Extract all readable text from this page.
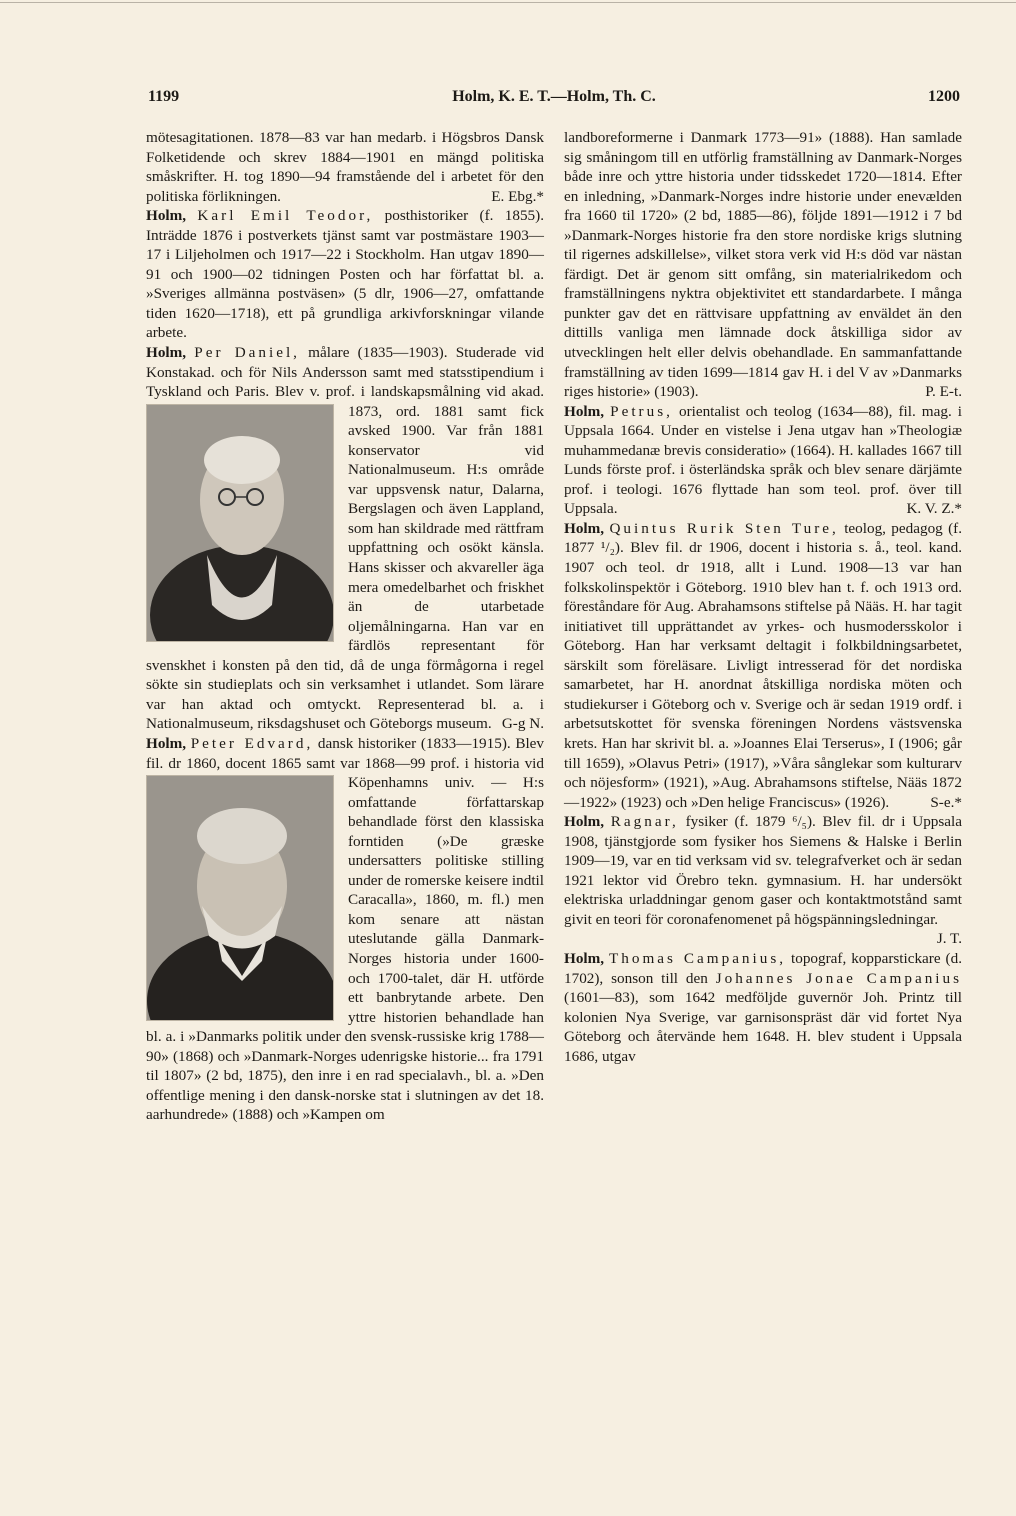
1199	Holm, K. E. T.—Holm, Th. C.	1200

mötesagitationen. 1878—83 var han medarb. i Högsbros Dansk Folketidende och skrev 1884—1901 en mängd politiska småskrifter. H. tog 1890—94 framstående del i arbetet för den politiska förlikningen.	E. Ebg.*

Holm, Karl Emil Teodor, posthistoriker (f. 1855). Inträdde 1876 i postverkets tjänst samt var postmästare 1903—17 i Liljeholmen och 1917—22 i Stockholm. Han utgav 1890—91 och 1900—02 tidningen Posten och har författat bl. a. »Sveriges allmänna postväsen» (5 dlr, 1906—27, omfattande tiden 1620—1718), ett på grundliga arkivforskningar vilande arbete.

Holm, Per Daniel, målare (1835—1903). Studerade vid Konstakad. och för Nils Andersson samt med statsstipendium i Tyskland och Paris. Blev v. prof. i landskapsmålning
vid akad. 1873, ord. 1881 samt fick avsked 1900. Var från 1881 konservator vid Nationalmuseum. H:s område var uppsvensk natur, Dalarna, Bergslagen och även Lappland, som han skildrade med rättfram uppfattning och osökt känsla. Hans skisser och akvareller äga mera omedelbarhet och friskhet än de utarbetade oljemålningarna. Han var en färdlös representant för svenskhet i konsten på den tid, då de unga förmågorna i regel sökte sin studieplats och sin verksamhet i utlandet. Som lärare var han aktad och omtyckt. Representerad bl. a. i Nationalmuseum, riksdagshuset och Göteborgs museum. G-g N.

Holm, Peter Edvard, dansk historiker (1833—1915). Blev fil. dr 1860, docent 1865 samt var 1868—99 prof. i historia vid Köpenhamns
univ. — H:s omfattande författarskap behandlade först den klassiska forntiden (»De græske undersatters politiske stilling under de romerske keisere indtil Caracalla», 1860, m. fl.) men kom senare att nästan uteslutande gälla Danmark-Norges historia under 1600- och 1700-talet, där H. utförde ett banbrytande arbete. Den yttre historien behandlade han bl. a. i »Danmarks politik under den svensk-russiske krig 1788—90» (1868) och »Danmark-Norges udenrigske historie... fra 1791 til 1807» (2 bd, 1875), den inre i en rad specialavh., bl. a. »Den offentlige mening i den dansk-norske stat i slutningen av det 18. aarhundrede» (1888) och »Kampen om

landboreformerne i Danmark 1773—91» (1888). Han samlade sig småningom till en utförlig framställning av Danmark-Norges både inre och yttre historia under tidsskedet 1720—1814. Efter en inledning, »Danmark-Norges indre historie under enevælden fra 1660 til 1720» (2 bd, 1885—86), följde 1891—1912 i 7 bd »Danmark-Norges historie fra den store nordiske krigs slutning til rigernes adskillelse», vilket stora verk vid H:s död var nästan färdigt. Det är genom sitt omfång, sin materialrikedom och framställningens nyktra objektivitet ett standardarbete. I många punkter gav det en rättvisare uppfattning av enväldet än den dittills vanliga men lämnade dock åtskilliga sidor av utvecklingen helt eller delvis obehandlade. En sammanfattande framställning av tiden 1699—1814 gav H. i del V av »Danmarks riges historie» (1903).	P. E-t.

Holm, Petrus, orientalist och teolog (1634—88), fil. mag. i Uppsala 1664. Under en vistelse i Jena utgav han »Theologiæ muhammedanæ brevis consideratio» (1664). H. kallades 1667 till Lunds förste prof. i österländska språk och blev senare därjämte prof. i teologi. 1676 flyttade han som teol. prof. över till Uppsala.	K. V. Z.*

Holm, Quintus Rurik Sten Ture, teolog, pedagog (f. 1877 ¹/₂). Blev fil. dr 1906, docent i historia s. å., teol. kand. 1907 och teol. dr 1918, allt i Lund. 1908—13 var han folkskolinspektör i Göteborg. 1910 blev han t. f. och 1913 ord. föreståndare för Aug. Abrahamsons stiftelse på Nääs. H. har tagit initiativet till upprättandet av yrkes- och husmodersskolor i Göteborg. Han har verksamt deltagit i folkbildningsarbetet, särskilt som föreläsare. Livligt intresserad för det nordiska samarbetet, har H. anordnat åtskilliga nordiska möten och studiekurser i Göteborg och v. Sverige och är sedan 1919 ordf. i arbetsutskottet för svenska föreningen Nordens västsvenska krets. Han har skrivit bl. a. »Joannes Elai Terserus», I (1906; går till 1659), »Olavus Petri» (1917), »Våra sånglekar som kulturarv och nöjesform» (1921), »Aug. Abrahamsons stiftelse, Nääs 1872—1922» (1923) och »Den helige Franciscus» (1926).	S-e.*

Holm, Ragnar, fysiker (f. 1879 ⁶/₅). Blev fil. dr i Uppsala 1908, tjänstgjorde som fysiker hos Siemens & Halske i Berlin 1909—19, var en tid verksam vid sv. telegrafverket och är sedan 1921 lektor vid Örebro tekn. gymnasium. H. har undersökt elektriska urladdningar genom gaser och kontaktmotstånd samt givit en teori för coronafenomenet på högspänningsledningar.
J. T.

Holm, Thomas Campanius, topograf, kopparstickare (d. 1702), sonson till den Johannes Jonae Campanius (1601—83), som 1642 medföljde guvernör Joh. Printz till kolonien Nya Sverige, var garnisonspräst där vid fortet Nya Göteborg och återvände hem 1648. H. blev student i Uppsala 1686, utgav
